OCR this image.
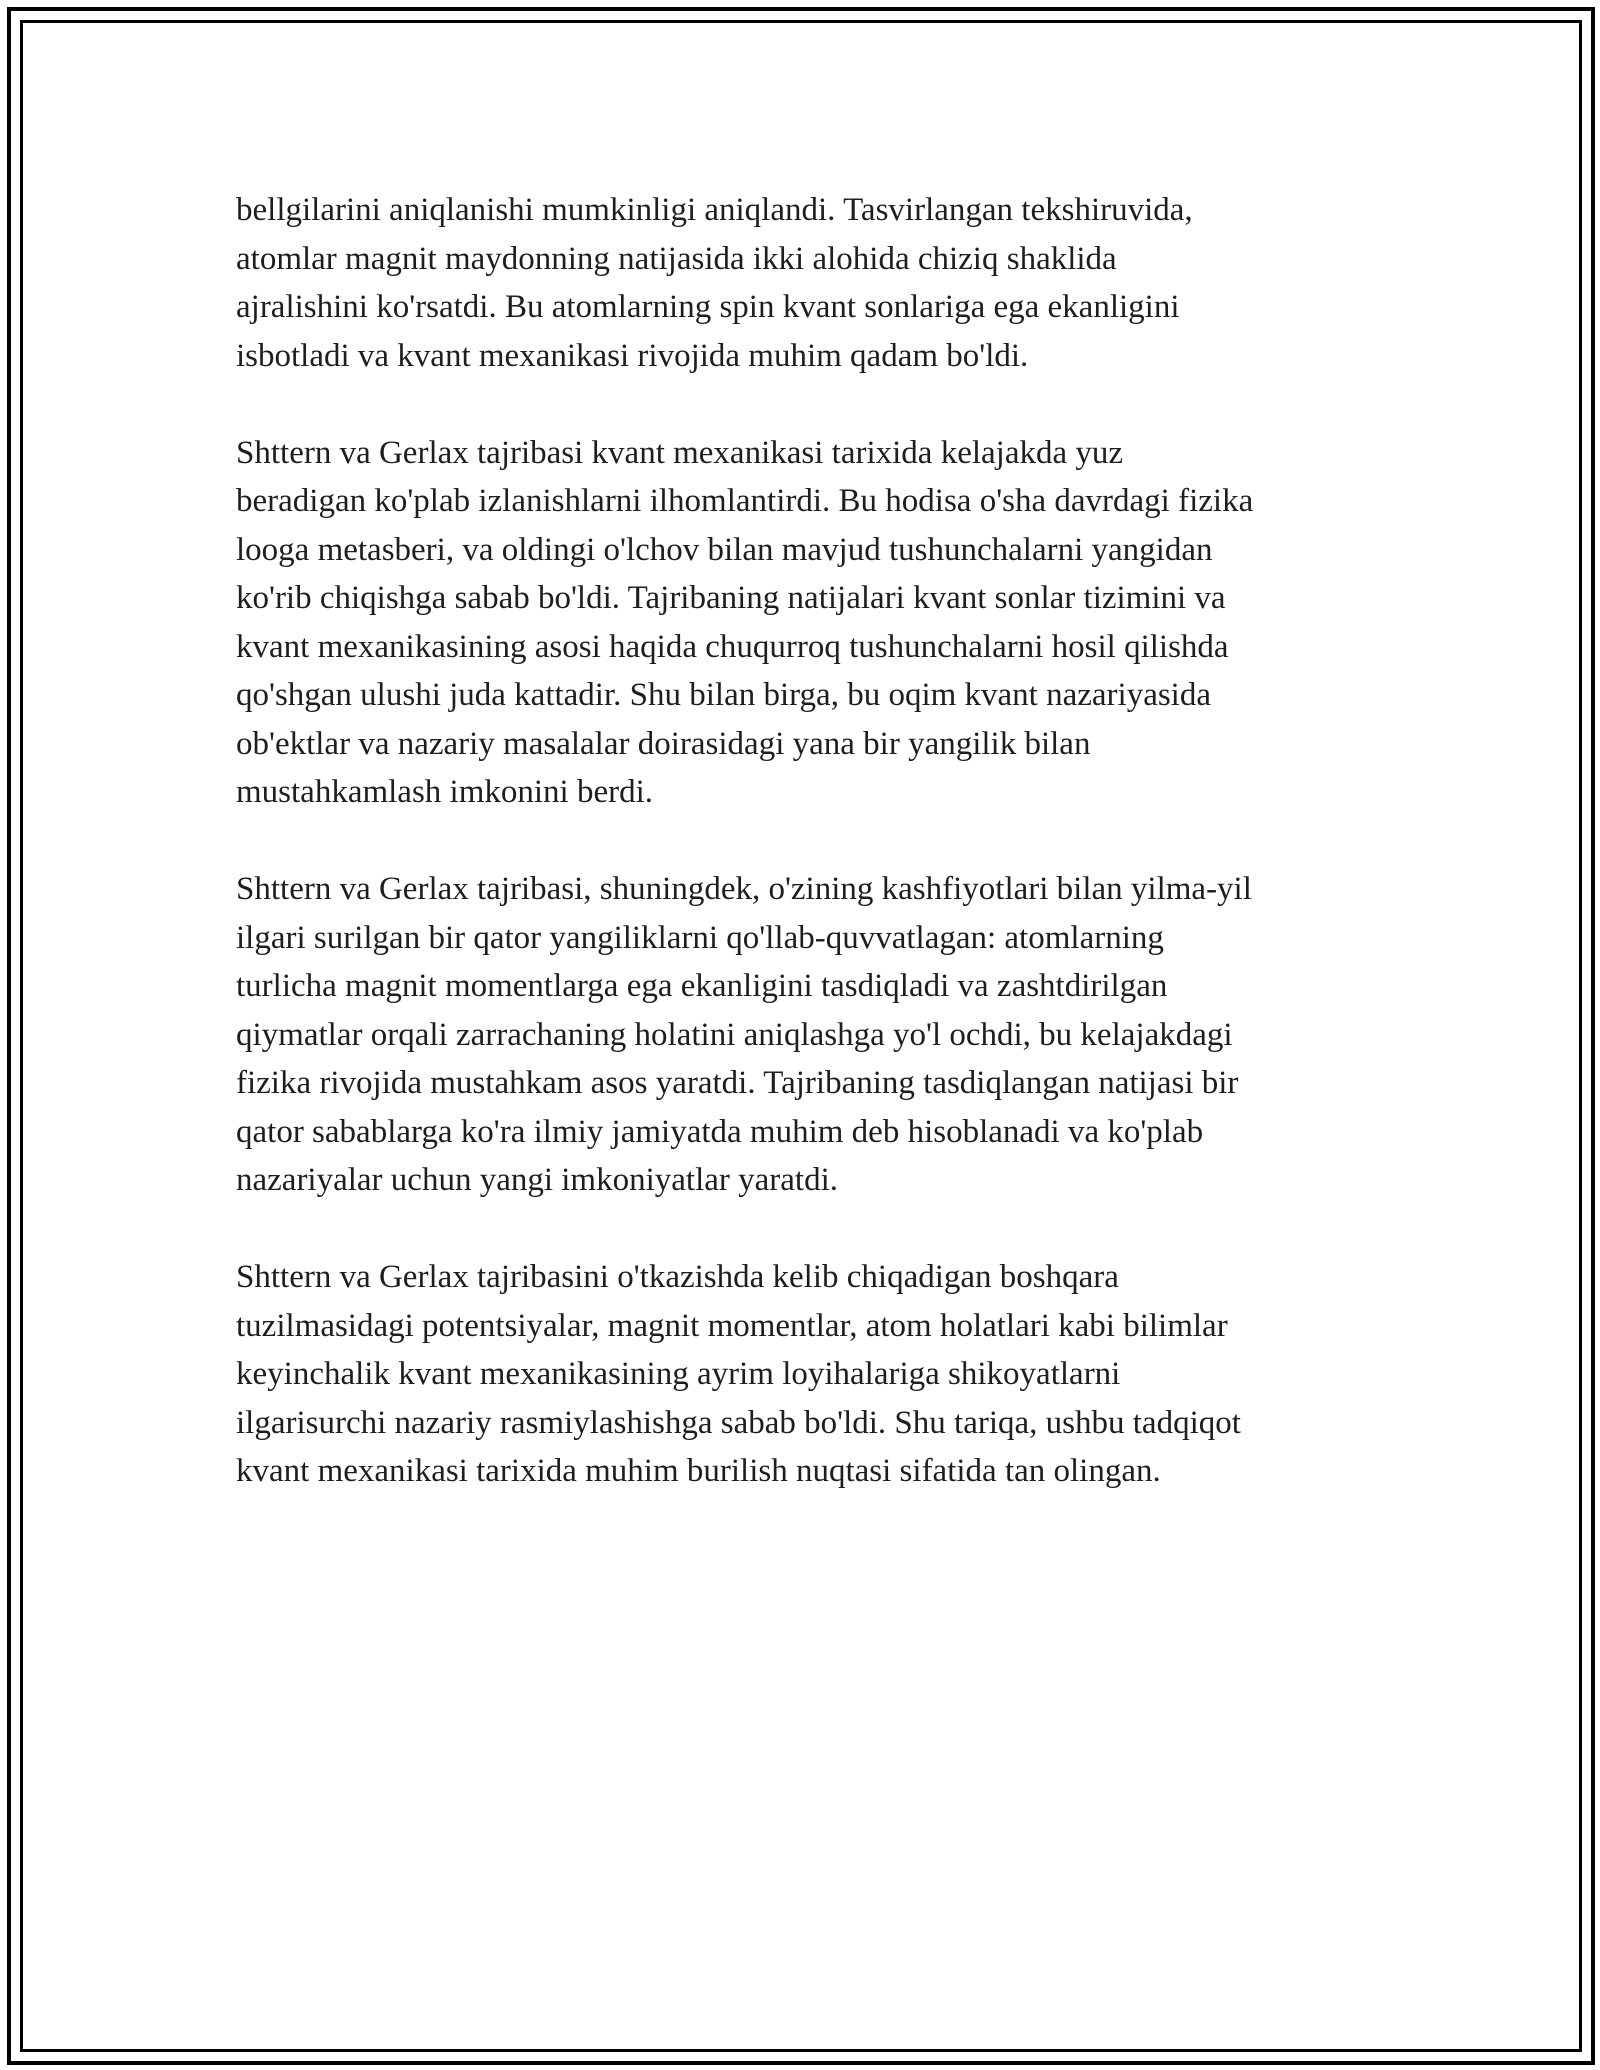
bellgilarini aniqlanishi mumkinligi aniqlandi. Tasvirlangan tekshiruvida,
atomlar magnit maydonning natijasida ikki alohida chiziq shaklida
ajralishini ko'rsatdi. Bu atomlarning spin kvant sonlariga ega ekanligini
isbotladi va kvant mexanikasi rivojida muhim qadam bo'ldi.

Shttern va Gerlax tajribasi kvant mexanikasi tarixida kelajakda yuz
beradigan ko'plab izlanishlarni ilhomlantirdi. Bu hodisa o'sha davrdagi fizika
looga metasberi, va oldingi o'lchov bilan mavjud tushunchalarni yangidan
ko'rib chiqishga sabab bo'ldi. Tajribaning natijalari kvant sonlar tizimini va
kvant mexanikasining asosi haqida chuqurroq tushunchalarni hosil qilishda
qo'shgan ulushi juda kattadir. Shu bilan birga, bu oqim kvant nazariyasida
ob'ektlar va nazariy masalalar doirasidagi yana bir yangilik bilan
mustahkamlash imkonini berdi.

Shttern va Gerlax tajribasi, shuningdek, o'zining kashfiyotlari bilan yilma-yil
ilgari surilgan bir qator yangiliklarni qo'llab-quvvatlagan: atomlarning
turlicha magnit momentlarga ega ekanligini tasdiqladi va zashtdirilgan
qiymatlar orqali zarrachaning holatini aniqlashga yo'l ochdi, bu kelajakdagi
fizika rivojida mustahkam asos yaratdi. Tajribaning tasdiqlangan natijasi bir
qator sabablarga ko'ra ilmiy jamiyatda muhim deb hisoblanadi va ko'plab
nazariyalar uchun yangi imkoniyatlar yaratdi.

Shttern va Gerlax tajribasini o'tkazishda kelib chiqadigan boshqara
tuzilmasidagi potentsiyalar, magnit momentlar, atom holatlari kabi bilimlar
keyinchalik kvant mexanikasining ayrim loyihalariga shikoyatlarni
ilgarisurchi nazariy rasmiylashishga sabab bo'ldi. Shu tariqa, ushbu tadqiqot
kvant mexanikasi tarixida muhim burilish nuqtasi sifatida tan olingan.
